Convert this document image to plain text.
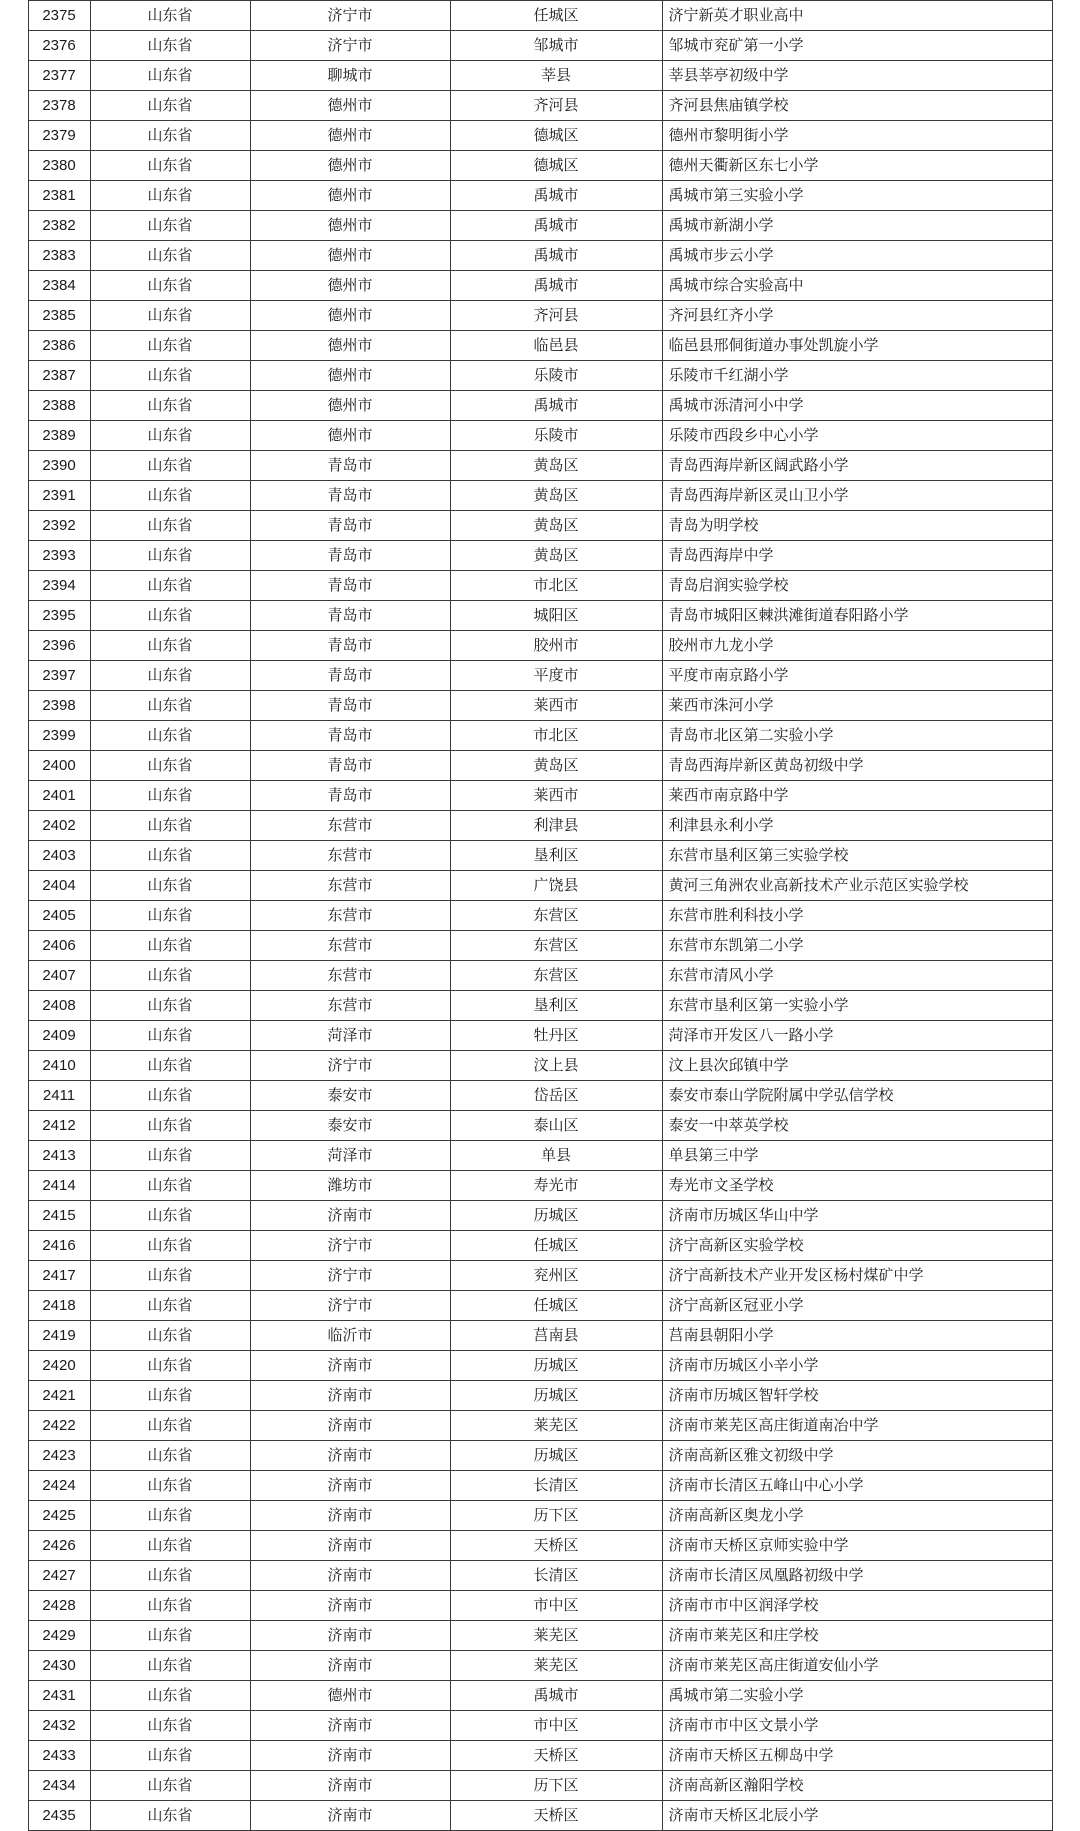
2375	山东省	济宁市	任城区	济宁新英才职业高中
2376	山东省	济宁市	邹城市	邹城市兖矿第一小学
2377	山东省	聊城市	莘县	莘县莘亭初级中学
2378	山东省	德州市	齐河县	齐河县焦庙镇学校
2379	山东省	德州市	德城区	德州市黎明街小学
2380	山东省	德州市	德城区	德州天衢新区东七小学
2381	山东省	德州市	禹城市	禹城市第三实验小学
2382	山东省	德州市	禹城市	禹城市新湖小学
2383	山东省	德州市	禹城市	禹城市步云小学
2384	山东省	德州市	禹城市	禹城市综合实验高中
2385	山东省	德州市	齐河县	齐河县红齐小学
2386	山东省	德州市	临邑县	临邑县邢侗街道办事处凯旋小学
2387	山东省	德州市	乐陵市	乐陵市千红湖小学
2388	山东省	德州市	禹城市	禹城市泺清河小中学
2389	山东省	德州市	乐陵市	乐陵市西段乡中心小学
2390	山东省	青岛市	黄岛区	青岛西海岸新区阔武路小学
2391	山东省	青岛市	黄岛区	青岛西海岸新区灵山卫小学
2392	山东省	青岛市	黄岛区	青岛为明学校
2393	山东省	青岛市	黄岛区	青岛西海岸中学
2394	山东省	青岛市	市北区	青岛启润实验学校
2395	山东省	青岛市	城阳区	青岛市城阳区棘洪滩街道春阳路小学
2396	山东省	青岛市	胶州市	胶州市九龙小学
2397	山东省	青岛市	平度市	平度市南京路小学
2398	山东省	青岛市	莱西市	莱西市洙河小学
2399	山东省	青岛市	市北区	青岛市北区第二实验小学
2400	山东省	青岛市	黄岛区	青岛西海岸新区黄岛初级中学
2401	山东省	青岛市	莱西市	莱西市南京路中学
2402	山东省	东营市	利津县	利津县永利小学
2403	山东省	东营市	垦利区	东营市垦利区第三实验学校
2404	山东省	东营市	广饶县	黄河三角洲农业高新技术产业示范区实验学校
2405	山东省	东营市	东营区	东营市胜利科技小学
2406	山东省	东营市	东营区	东营市东凯第二小学
2407	山东省	东营市	东营区	东营市清风小学
2408	山东省	东营市	垦利区	东营市垦利区第一实验小学
2409	山东省	菏泽市	牡丹区	菏泽市开发区八一路小学
2410	山东省	济宁市	汶上县	汶上县次邱镇中学
2411	山东省	泰安市	岱岳区	泰安市泰山学院附属中学弘信学校
2412	山东省	泰安市	泰山区	泰安一中萃英学校
2413	山东省	菏泽市	单县	单县第三中学
2414	山东省	潍坊市	寿光市	寿光市文圣学校
2415	山东省	济南市	历城区	济南市历城区华山中学
2416	山东省	济宁市	任城区	济宁高新区实验学校
2417	山东省	济宁市	兖州区	济宁高新技术产业开发区杨村煤矿中学
2418	山东省	济宁市	任城区	济宁高新区冠亚小学
2419	山东省	临沂市	莒南县	莒南县朝阳小学
2420	山东省	济南市	历城区	济南市历城区小辛小学
2421	山东省	济南市	历城区	济南市历城区智轩学校
2422	山东省	济南市	莱芜区	济南市莱芜区高庄街道南冶中学
2423	山东省	济南市	历城区	济南高新区雅文初级中学
2424	山东省	济南市	长清区	济南市长清区五峰山中心小学
2425	山东省	济南市	历下区	济南高新区奥龙小学
2426	山东省	济南市	天桥区	济南市天桥区京师实验中学
2427	山东省	济南市	长清区	济南市长清区凤凰路初级中学
2428	山东省	济南市	市中区	济南市市中区润泽学校
2429	山东省	济南市	莱芜区	济南市莱芜区和庄学校
2430	山东省	济南市	莱芜区	济南市莱芜区高庄街道安仙小学
2431	山东省	德州市	禹城市	禹城市第二实验小学
2432	山东省	济南市	市中区	济南市市中区文景小学
2433	山东省	济南市	天桥区	济南市天桥区五柳岛中学
2434	山东省	济南市	历下区	济南高新区瀚阳学校
2435	山东省	济南市	天桥区	济南市天桥区北辰小学
